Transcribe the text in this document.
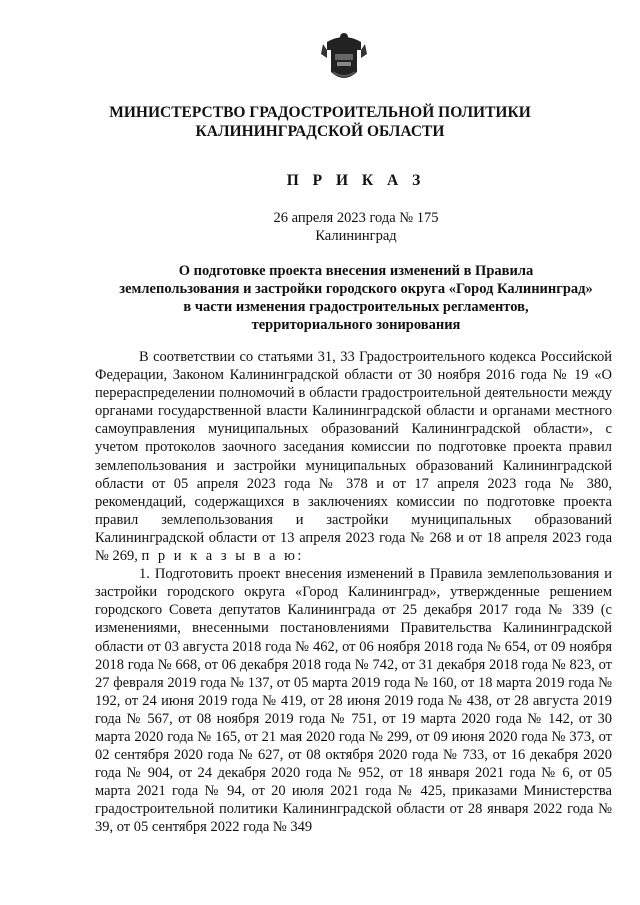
МИНИСТЕРСТВО ГРАДОСТРОИТЕЛЬНОЙ ПОЛИТИКИ
КАЛИНИНГРАДСКОЙ ОБЛАСТИ
П Р И К А З
26 апреля 2023 года № 175
Калининград
О подготовке проекта внесения изменений в Правила
землепользования и застройки городского округа «Город Калининград»
в части изменения градостроительных регламентов,
территориального зонирования

В соответствии со статьями 31, 33 Градостроительного кодекса Российской Федерации, Законом Калининградской области от 30 ноября 2016 года № 19 «О перераспределении полномочий в области градостроительной деятельности между органами государственной власти Калининградской области и органами местного самоуправления муниципальных образований Калининградской области», с учетом протоколов заочного заседания комиссии по подготовке проекта правил землепользования и застройки муниципальных образований Калининградской области от 05 апреля 2023 года № 378 и от 17 апреля 2023 года № 380, рекомендаций, содержащихся в заключениях комиссии по подготовке проекта правил землепользования и застройки муниципальных образований Калининградской области от 13 апреля 2023 года № 268 и от 18 апреля 2023 года № 269, п р и к а з ы в а ю:

1. Подготовить проект внесения изменений в Правила землепользования и застройки городского округа «Город Калининград», утвержденные решением городского Совета депутатов Калининграда от 25 декабря 2017 года № 339 (с изменениями, внесенными постановлениями Правительства Калининградской области от 03 августа 2018 года № 462, от 06 ноября 2018 года № 654, от 09 ноября 2018 года № 668, от 06 декабря 2018 года № 742, от 31 декабря 2018 года № 823, от 27 февраля 2019 года № 137, от 05 марта 2019 года № 160, от 18 марта 2019 года № 192, от 24 июня 2019 года № 419, от 28 июня 2019 года № 438, от 28 августа 2019 года № 567, от 08 ноября 2019 года № 751, от 19 марта 2020 года № 142, от 30 марта 2020 года № 165, от 21 мая 2020 года № 299, от 09 июня 2020 года № 373, от 02 сентября 2020 года № 627, от 08 октября 2020 года № 733, от 16 декабря 2020 года № 904, от 24 декабря 2020 года № 952, от 18 января 2021 года № 6, от 05 марта 2021 года № 94, от 20 июля 2021 года № 425, приказами Министерства градостроительной политики Калининградской области от 28 января 2022 года № 39, от 05 сентября 2022 года № 349
